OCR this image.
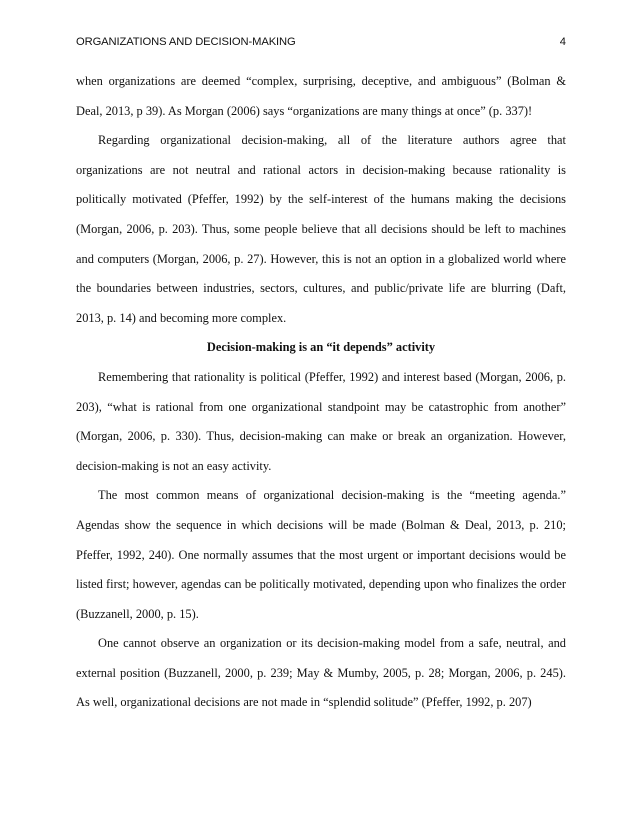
ORGANIZATIONS AND DECISION-MAKING	4

when organizations are deemed “complex, surprising, deceptive, and ambiguous” (Bolman & Deal, 2013, p 39). As Morgan (2006) says “organizations are many things at once” (p. 337)!

Regarding organizational decision-making, all of the literature authors agree that organizations are not neutral and rational actors in decision-making because rationality is politically motivated (Pfeffer, 1992) by the self-interest of the humans making the decisions (Morgan, 2006, p. 203). Thus, some people believe that all decisions should be left to machines and computers (Morgan, 2006, p. 27). However, this is not an option in a globalized world where the boundaries between industries, sectors, cultures, and public/private life are blurring (Daft, 2013, p. 14) and becoming more complex.

Decision-making is an “it depends” activity

Remembering that rationality is political (Pfeffer, 1992) and interest based (Morgan, 2006, p. 203), “what is rational from one organizational standpoint may be catastrophic from another” (Morgan, 2006, p. 330). Thus, decision-making can make or break an organization. However, decision-making is not an easy activity.

The most common means of organizational decision-making is the “meeting agenda.” Agendas show the sequence in which decisions will be made (Bolman & Deal, 2013, p. 210; Pfeffer, 1992, 240). One normally assumes that the most urgent or important decisions would be listed first; however, agendas can be politically motivated, depending upon who finalizes the order (Buzzanell, 2000, p. 15).

One cannot observe an organization or its decision-making model from a safe, neutral, and external position (Buzzanell, 2000, p. 239; May & Mumby, 2005, p. 28; Morgan, 2006, p. 245). As well, organizational decisions are not made in “splendid solitude” (Pfeffer, 1992, p. 207)
